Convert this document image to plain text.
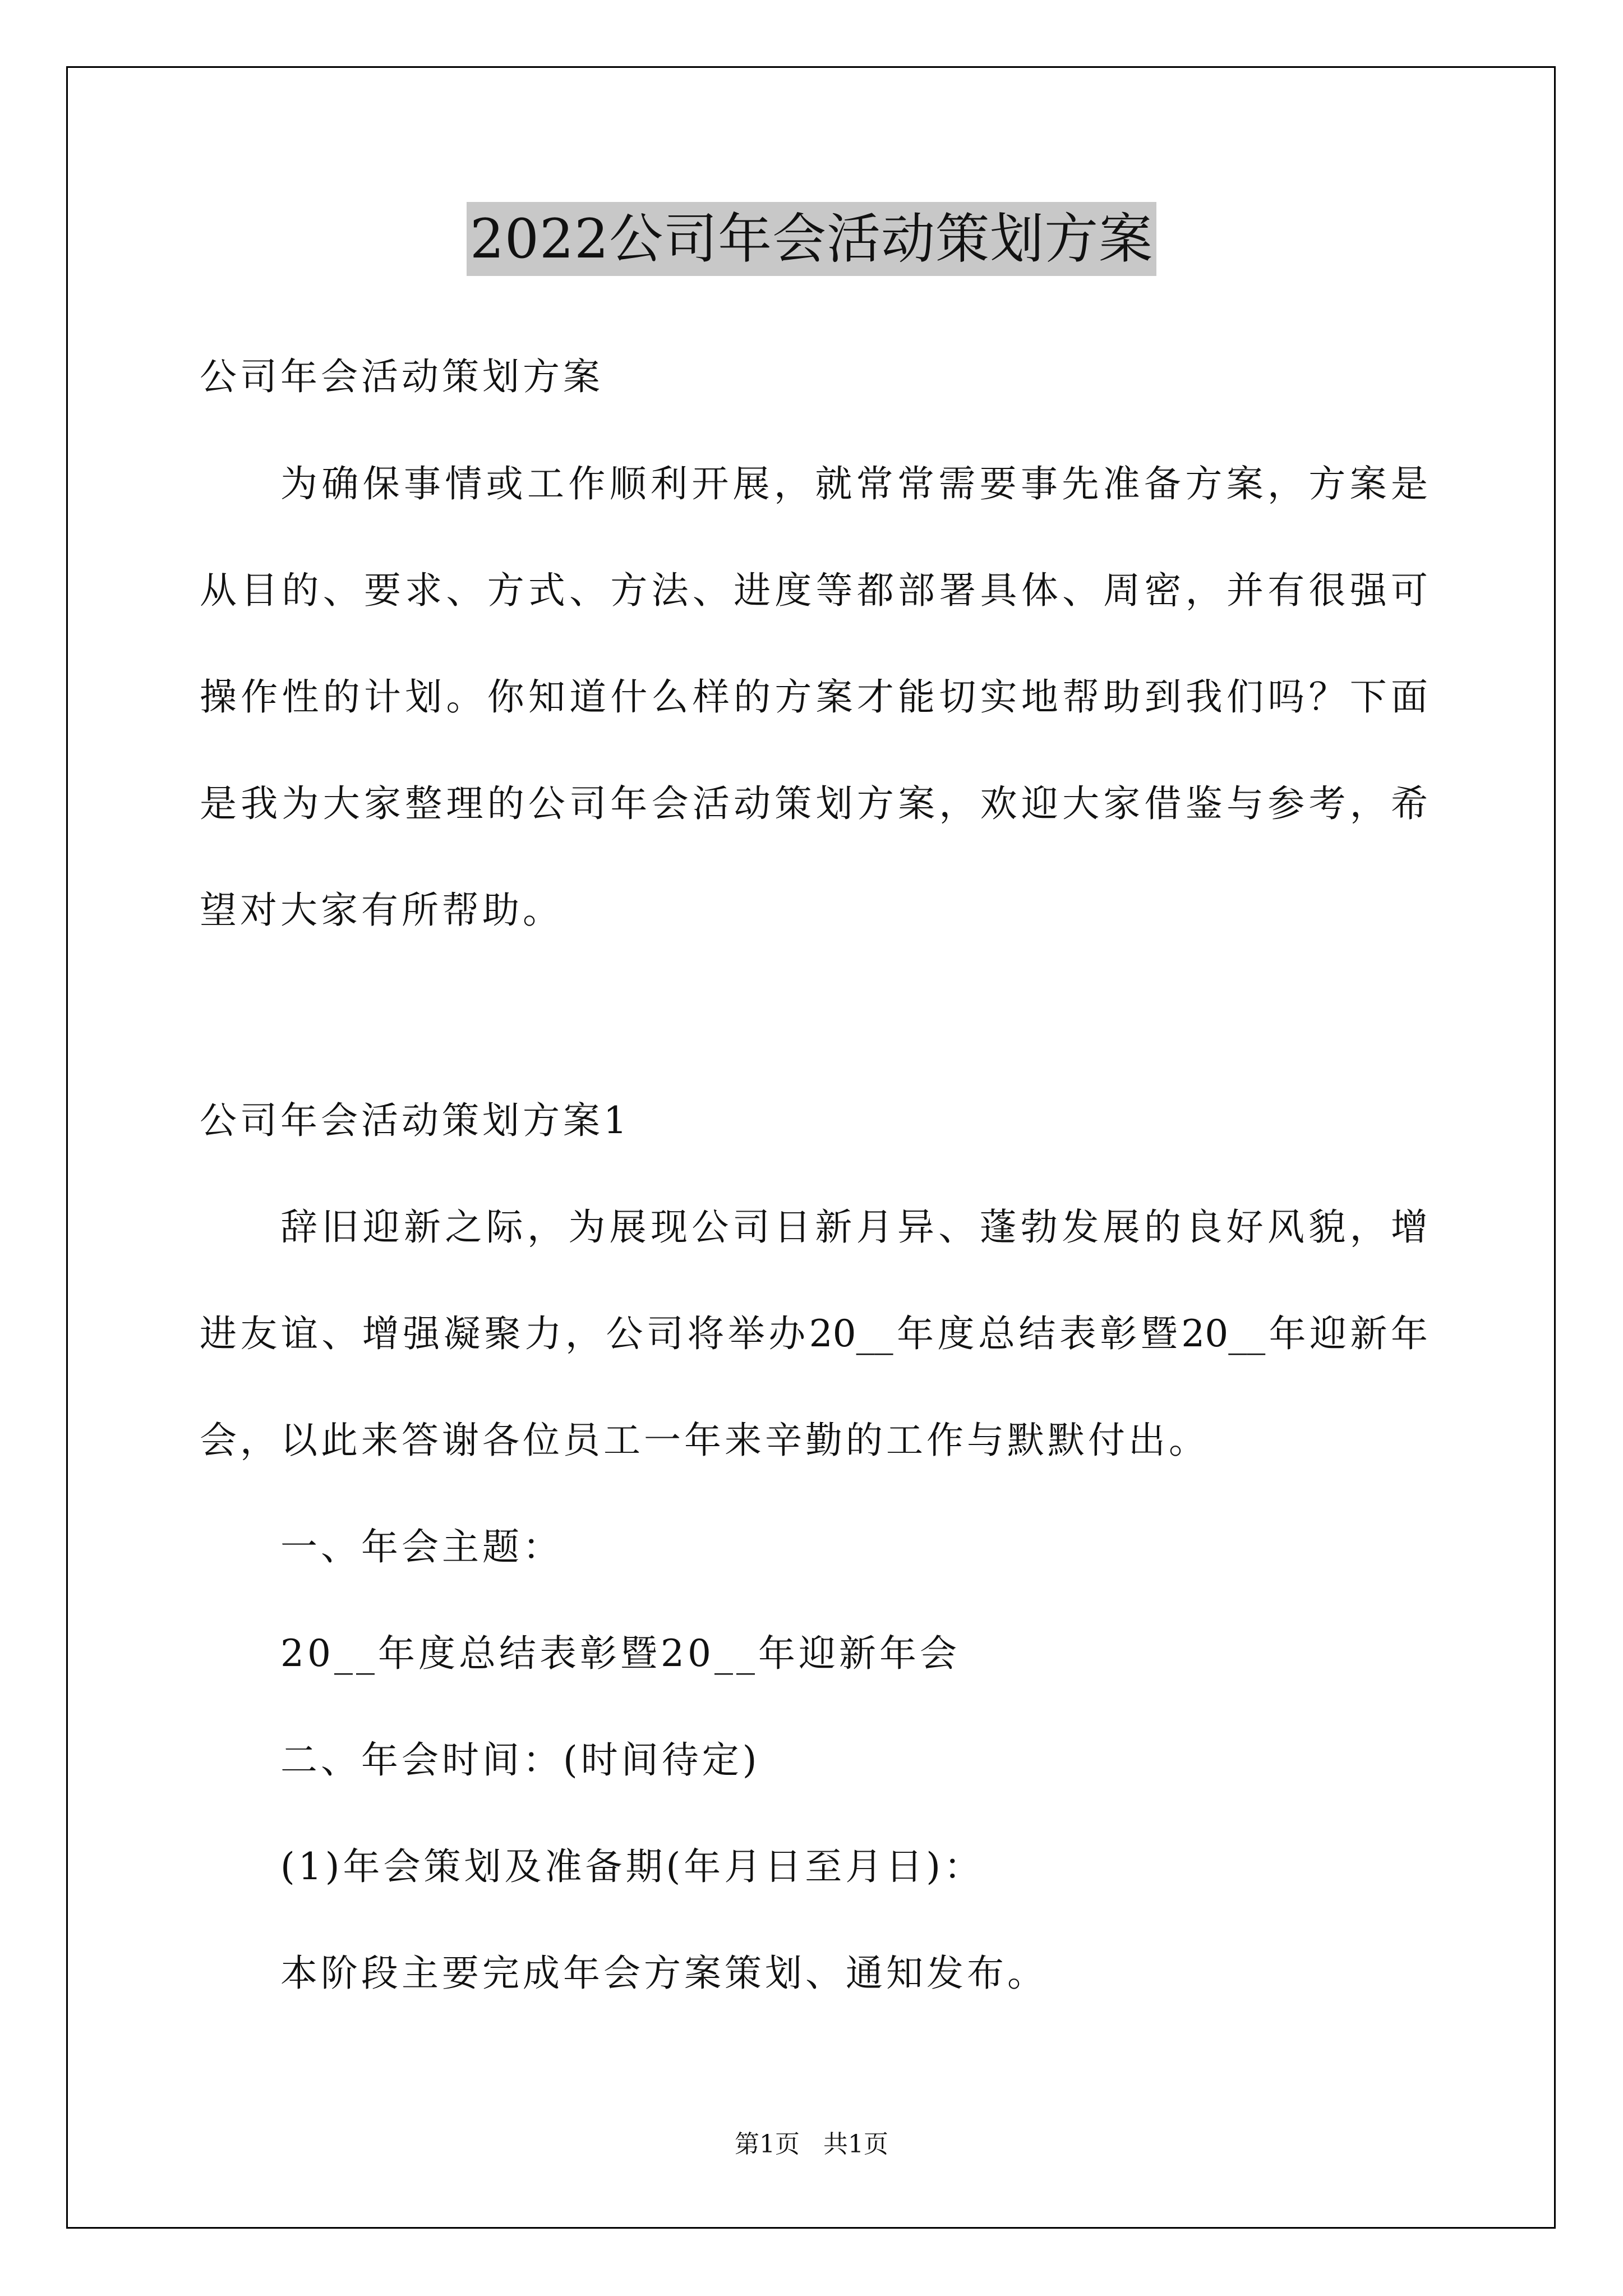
2022公司年会活动策划方案
公司年会活动策划方案
为确保事情或工作顺利开展，就常常需要事先准备方案，方案是
从目的、要求、方式、方法、进度等都部署具体、周密，并有很强可
操作性的计划。你知道什么样的方案才能切实地帮助到我们吗？下面
是我为大家整理的公司年会活动策划方案，欢迎大家借鉴与参考，希
望对大家有所帮助。
公司年会活动策划方案1
辞旧迎新之际，为展现公司日新月异、蓬勃发展的良好风貌，增
进友谊、增强凝聚力，公司将举办20__年度总结表彰暨20__年迎新年
会，以此来答谢各位员工一年来辛勤的工作与默默付出。
一、年会主题：
20__年度总结表彰暨20__年迎新年会
二、年会时间：(时间待定)
(1)年会策划及准备期(年月日至月日)：
本阶段主要完成年会方案策划、通知发布。
第1页   共1页
